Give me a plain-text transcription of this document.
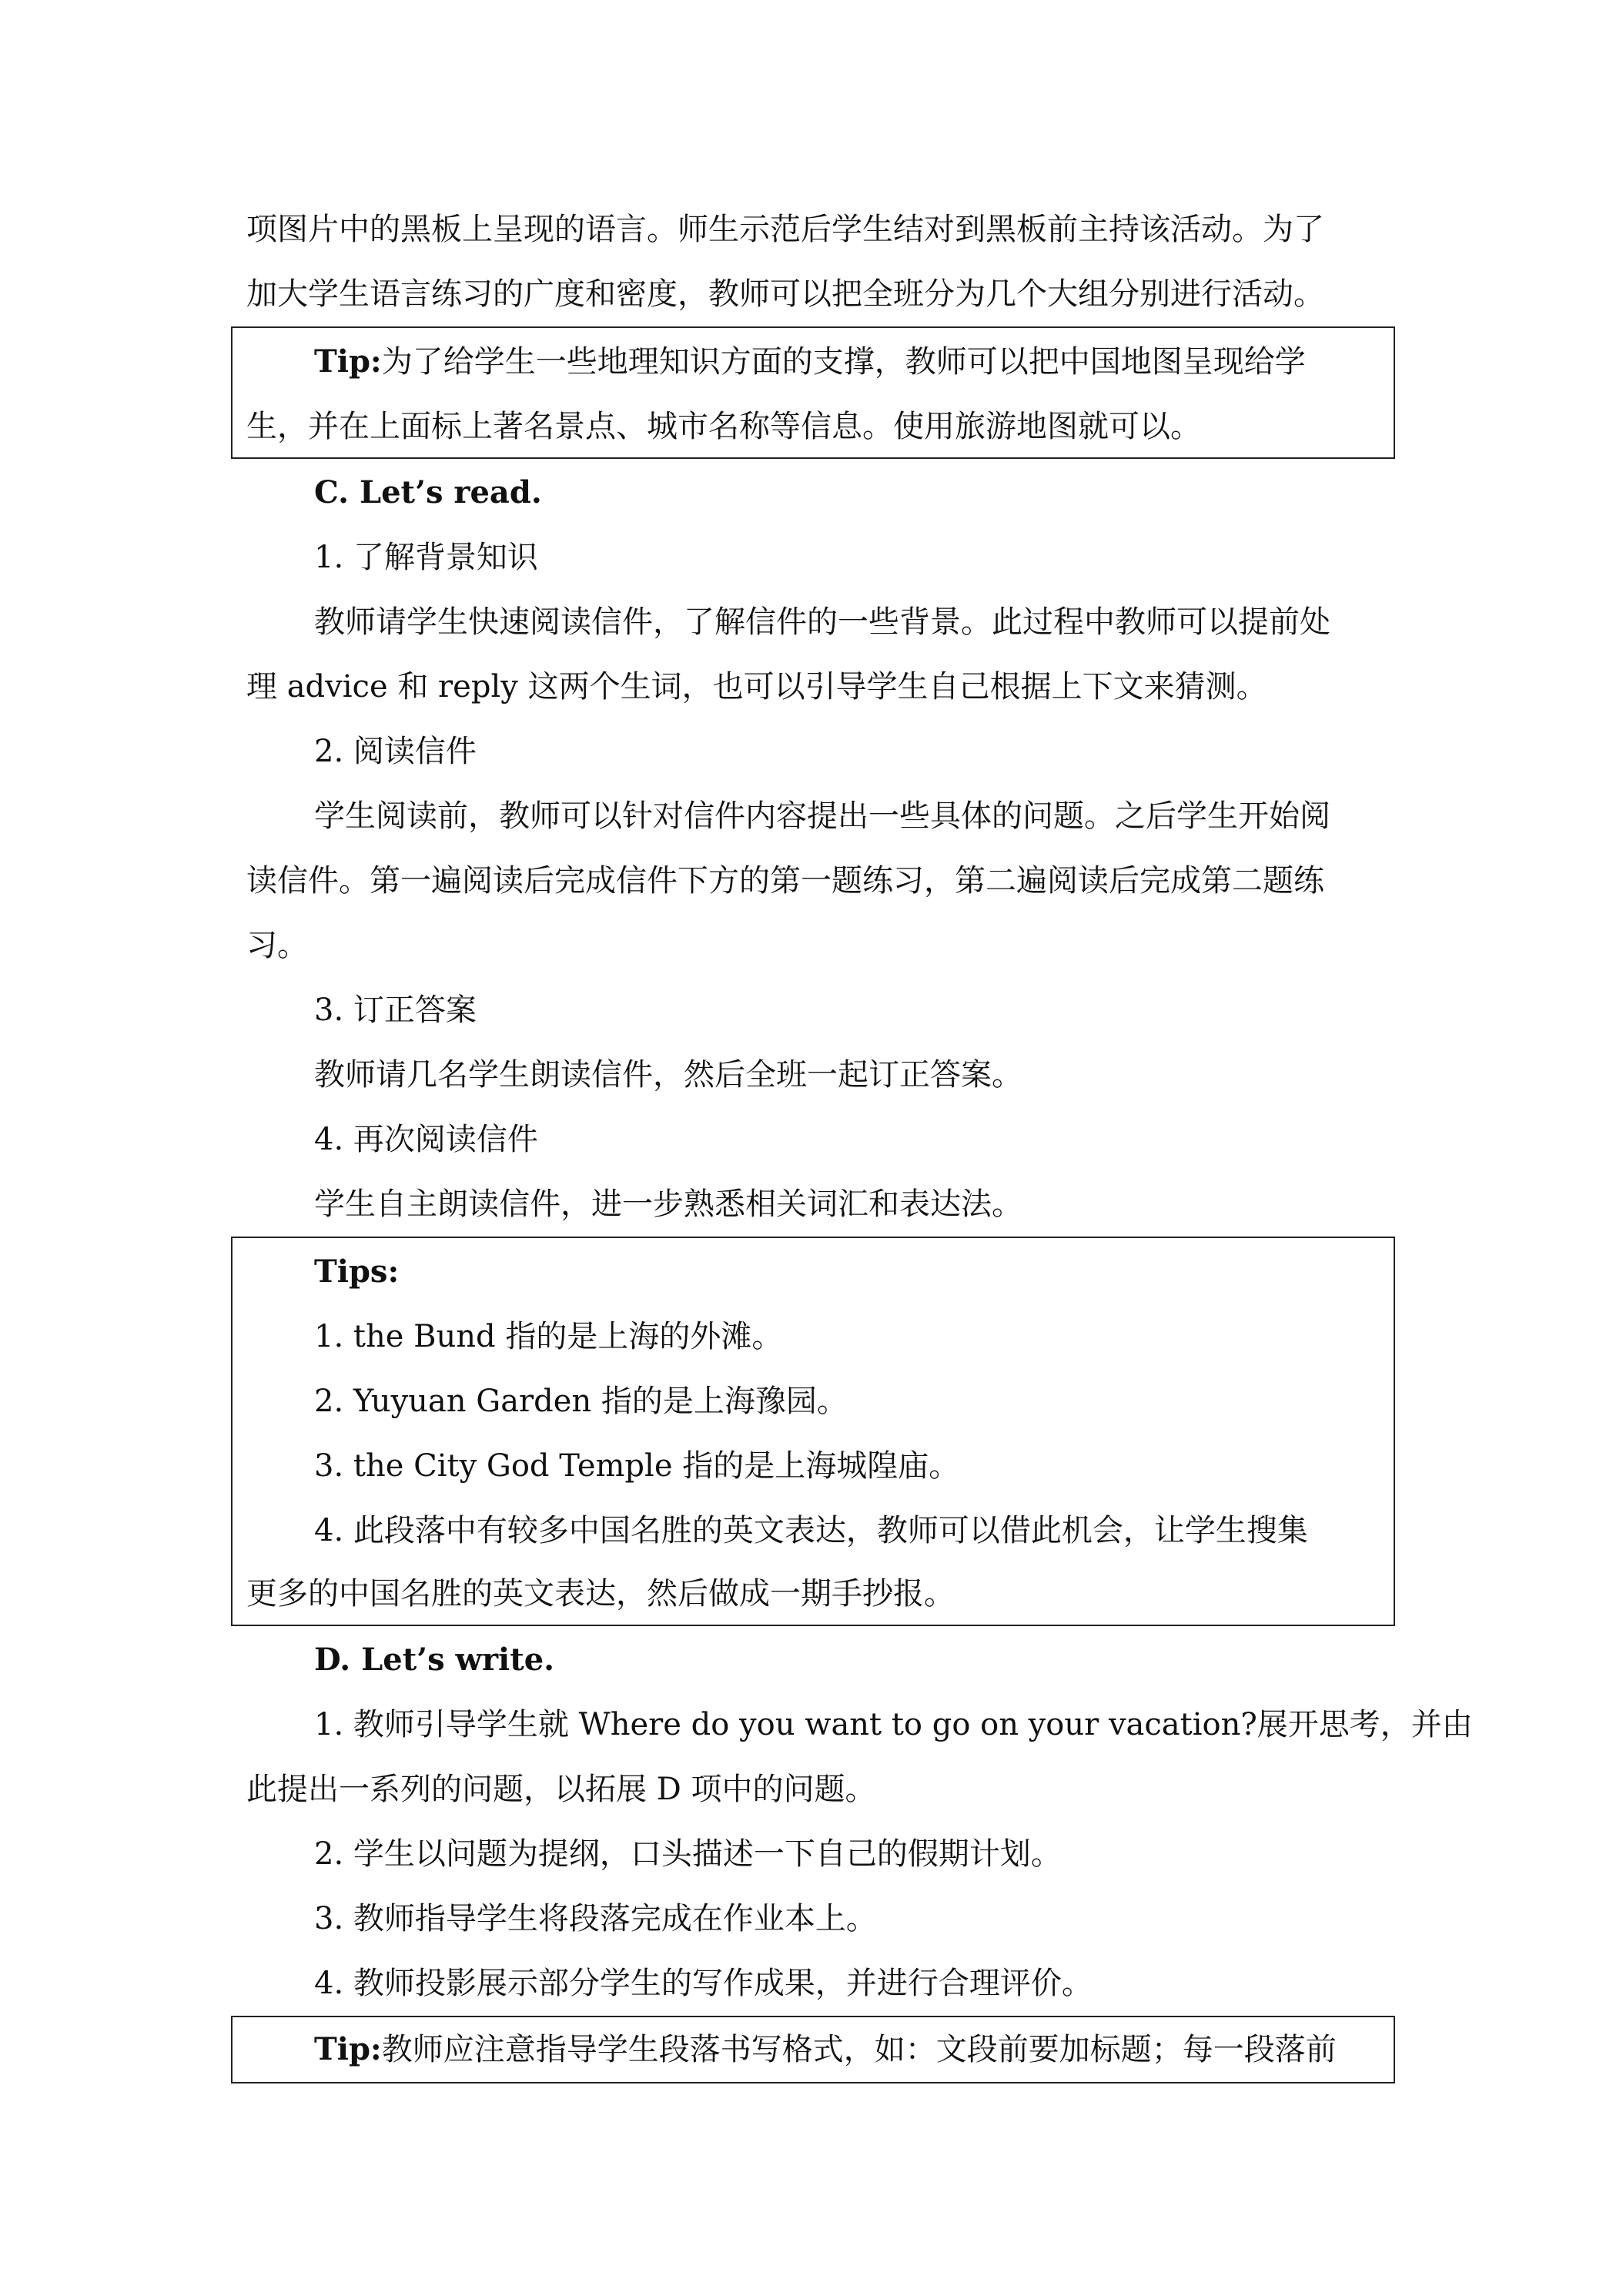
项图片中的黑板上呈现的语言。师生示范后学生结对到黑板前主持该活动。为了

加大学生语言练习的广度和密度，教师可以把全班分为几个大组分别进行活动。

Tip:为了给学生一些地理知识方面的支撑，教师可以把中国地图呈现给学

生，并在上面标上著名景点、城市名称等信息。使用旅游地图就可以。

C. Let’s read.

1. 了解背景知识

教师请学生快速阅读信件，了解信件的一些背景。此过程中教师可以提前处

理 advice 和 reply 这两个生词，也可以引导学生自己根据上下文来猜测。

2. 阅读信件

学生阅读前，教师可以针对信件内容提出一些具体的问题。之后学生开始阅

读信件。第一遍阅读后完成信件下方的第一题练习，第二遍阅读后完成第二题练

习。

3. 订正答案

教师请几名学生朗读信件，然后全班一起订正答案。

4. 再次阅读信件

学生自主朗读信件，进一步熟悉相关词汇和表达法。

Tips:

1. the Bund 指的是上海的外滩。

2. Yuyuan Garden 指的是上海豫园。

3. the City God Temple 指的是上海城隍庙。

4. 此段落中有较多中国名胜的英文表达，教师可以借此机会，让学生搜集

更多的中国名胜的英文表达，然后做成一期手抄报。

D. Let’s write.

1. 教师引导学生就 Where do you want to go on your vacation?展开思考，并由

此提出一系列的问题，以拓展 D 项中的问题。

2. 学生以问题为提纲，口头描述一下自己的假期计划。

3. 教师指导学生将段落完成在作业本上。

4. 教师投影展示部分学生的写作成果，并进行合理评价。

Tip:教师应注意指导学生段落书写格式，如：文段前要加标题；每一段落前
